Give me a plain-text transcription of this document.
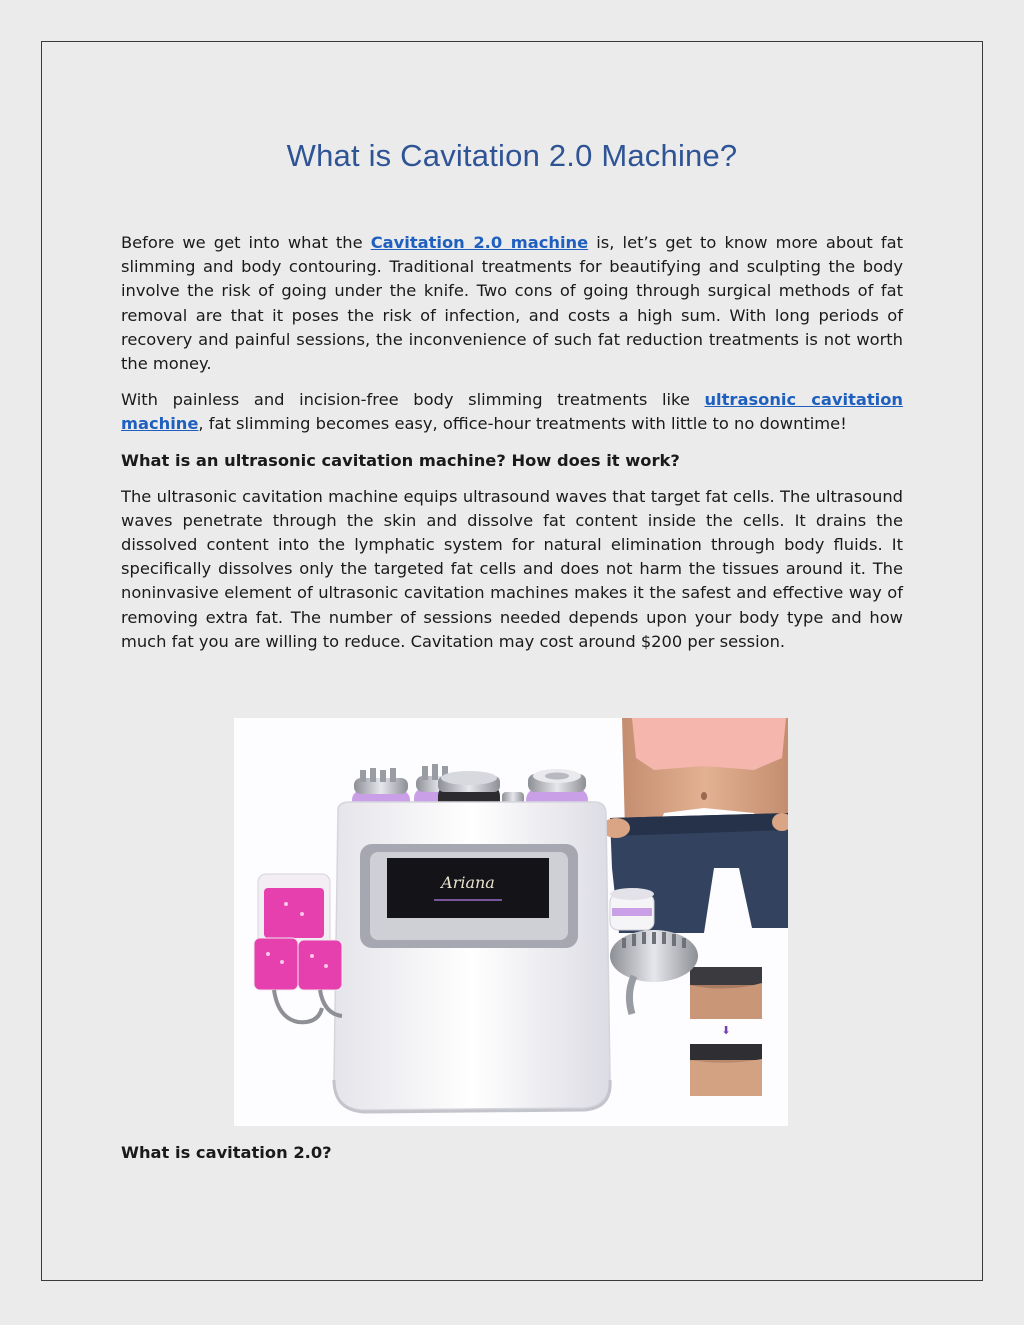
What is Cavitation 2.0 Machine?

Before we get into what the Cavitation 2.0 machine is, let’s get to know more about fat slimming and body contouring. Traditional treatments for beautifying and sculpting the body involve the risk of going under the knife. Two cons of going through surgical methods of fat removal are that it poses the risk of infection, and costs a high sum. With long periods of recovery and painful sessions, the inconvenience of such fat reduction treatments is not worth the money.

With painless and incision-free body slimming treatments like ultrasonic cavitation machine, fat slimming becomes easy, office-hour treatments with little to no downtime!

What is an ultrasonic cavitation machine? How does it work?

The ultrasonic cavitation machine equips ultrasound waves that target fat cells. The ultrasound waves penetrate through the skin and dissolve fat content inside the cells. It drains the dissolved content into the lymphatic system for natural elimination through body fluids. It specifically dissolves only the targeted fat cells and does not harm the tissues around it. The noninvasive element of ultrasonic cavitation machines makes it the safest and effective way of removing extra fat. The number of sessions needed depends upon your body type and how much fat you are willing to reduce. Cavitation may cost around $200 per session.

⬇
Ariana
What is cavitation 2.0?
